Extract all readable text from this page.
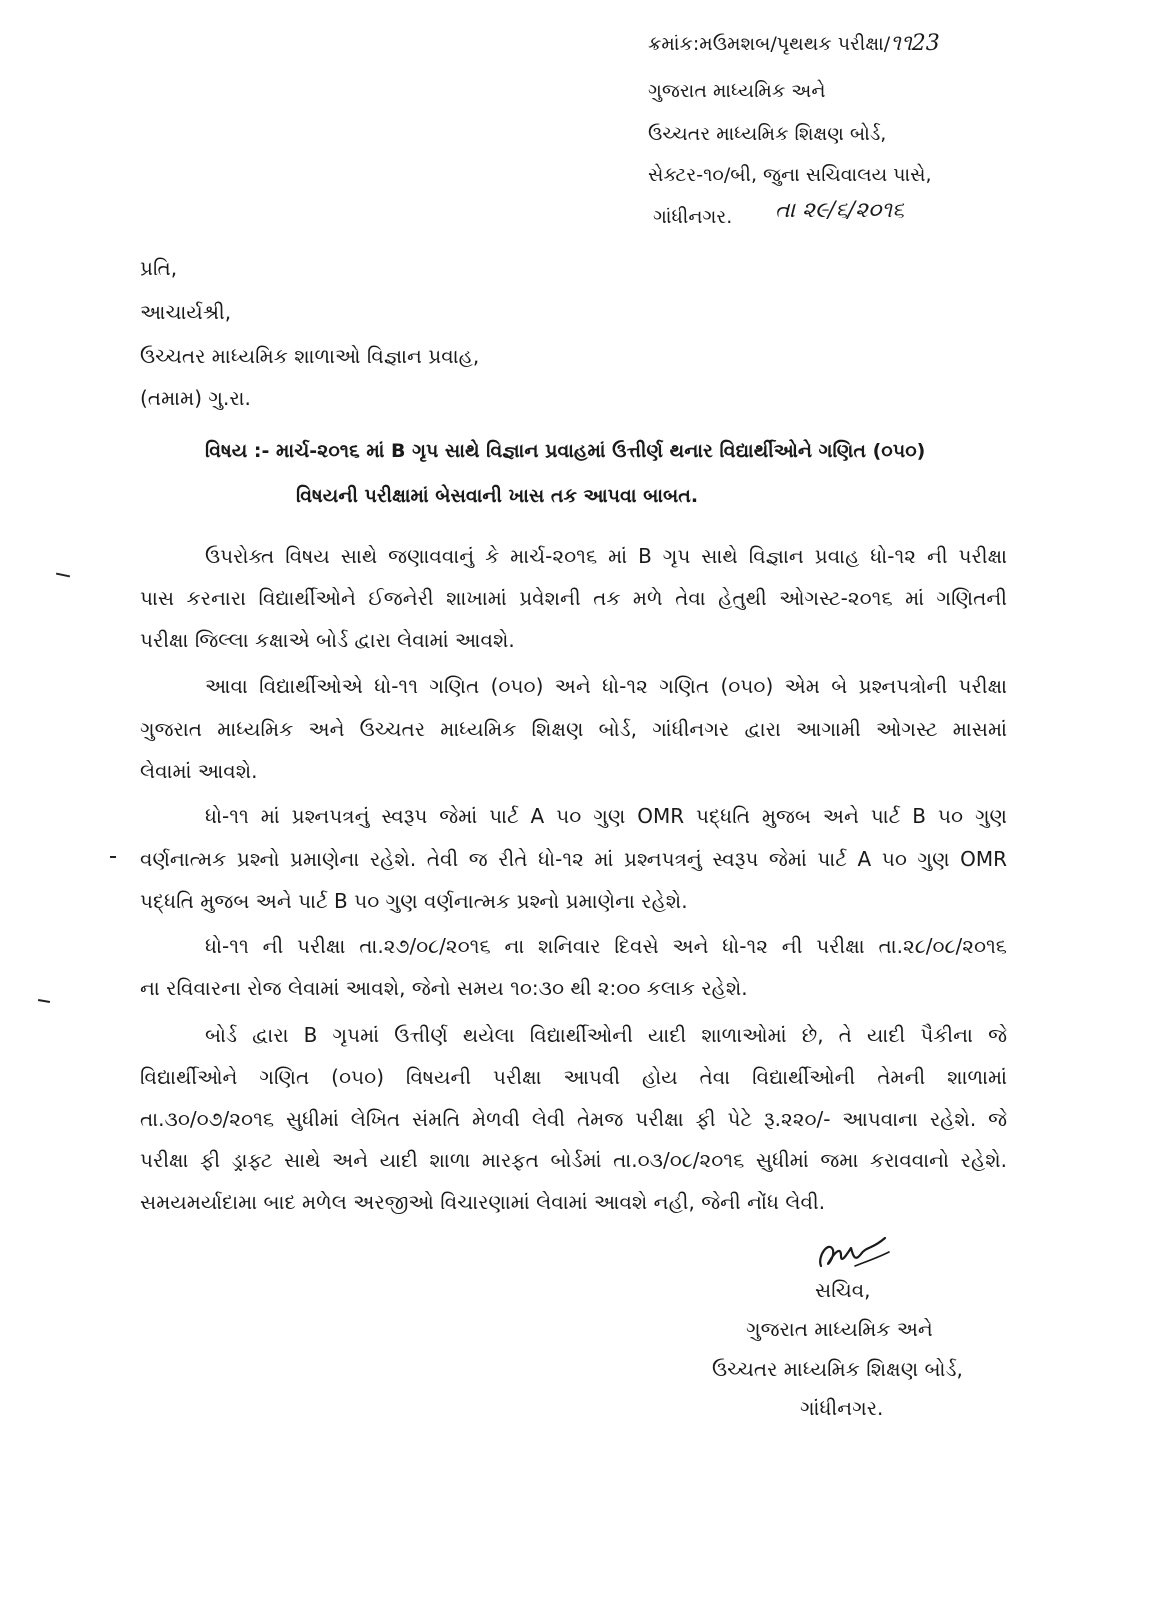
ક્રમાંક:મઉમશબ/પૃથથક પરીક્ષા/૧૧23
ગુજરાત માધ્યમિક અને
ઉચ્ચતર માધ્યમિક શિક્ષણ બોર્ડ,
સેક્ટર-૧૦/બી, જુના સચિવાલય પાસે,
ગાંધીનગર. તા ૨૯/૬/૨૦૧૬
પ્રતિ,
આચાર્યશ્રી,
ઉચ્ચતર માધ્યમિક શાળાઓ વિજ્ઞાન પ્રવાહ,
(તમામ) ગુ.રા.
વિષય :- માર્ચ-૨૦૧૬ માં B ગૃપ સાથે વિજ્ઞાન પ્રવાહમાં ઉત્તીર્ણ થનાર વિદ્યાર્થીઓને ગણિત (૦૫૦)
વિષયની પરીક્ષામાં બેસવાની ખાસ તક આપવા બાબત.
ઉપરોક્ત વિષય સાથે જણાવવાનું કે માર્ચ-૨૦૧૬ માં B ગૃપ સાથે વિજ્ઞાન પ્રવાહ ધો-૧૨ ની પરીક્ષા
પાસ કરનારા વિદ્યાર્થીઓને ઈજનેરી શાખામાં પ્રવેશની તક મળે તેવા હેતુથી ઓગસ્ટ-૨૦૧૬ માં ગણિતની
પરીક્ષા જિલ્લા કક્ષાએ બોર્ડ દ્વારા લેવામાં આવશે.
આવા વિદ્યાર્થીઓએ ધો-૧૧ ગણિત (૦૫૦) અને ધો-૧૨ ગણિત (૦૫૦) એમ બે પ્રશ્નપત્રોની પરીક્ષા
ગુજરાત માધ્યમિક અને ઉચ્ચતર માધ્યમિક શિક્ષણ બોર્ડ, ગાંધીનગર દ્વારા આગામી ઓગસ્ટ માસમાં
લેવામાં આવશે.
ધો-૧૧ માં પ્રશ્નપત્રનું સ્વરૂપ જેમાં પાર્ટ A ૫૦ ગુણ OMR પદ્ધતિ મુજબ અને પાર્ટ B ૫૦ ગુણ
વર્ણનાત્મક પ્રશ્નો પ્રમાણેના રહેશે. તેવી જ રીતે ધો-૧૨ માં પ્રશ્નપત્રનું સ્વરૂપ જેમાં પાર્ટ A ૫૦ ગુણ OMR
પદ્ધતિ મુજબ અને પાર્ટ B ૫૦ ગુણ વર્ણનાત્મક પ્રશ્નો પ્રમાણેના રહેશે.
ધો-૧૧ ની પરીક્ષા તા.૨૭/૦૮/૨૦૧૬ ના શનિવાર દિવસે અને ધો-૧૨ ની પરીક્ષા તા.૨૮/૦૮/૨૦૧૬
ના રવિવારના રોજ લેવામાં આવશે, જેનો સમય ૧૦:૩૦ થી ૨:૦૦ કલાક રહેશે.
બોર્ડ દ્વારા B ગૃપમાં ઉત્તીર્ણ થયેલા વિદ્યાર્થીઓની યાદી શાળાઓમાં છે, તે યાદી પૈકીના જે
વિદ્યાર્થીઓને ગણિત (૦૫૦) વિષયની પરીક્ષા આપવી હોય તેવા વિદ્યાર્થીઓની તેમની શાળામાં
તા.૩૦/૦૭/૨૦૧૬ સુધીમાં લેખિત સંમતિ મેળવી લેવી તેમજ પરીક્ષા ફી પેટે રૂ.૨૨૦/- આપવાના રહેશે. જે
પરીક્ષા ફી ડ્રાફ્ટ સાથે અને યાદી શાળા મારફત બોર્ડમાં તા.૦૩/૦૮/૨૦૧૬ સુધીમાં જમા કરાવવાનો રહેશે.
સમયમર્યાદામા બાદ મળેલ અરજીઓ વિચારણામાં લેવામાં આવશે નહી, જેની નોંધ લેવી.
સચિવ,
ગુજરાત માધ્યમિક અને
ઉચ્ચતર માધ્યમિક શિક્ષણ બોર્ડ,
ગાંધીનગર.
